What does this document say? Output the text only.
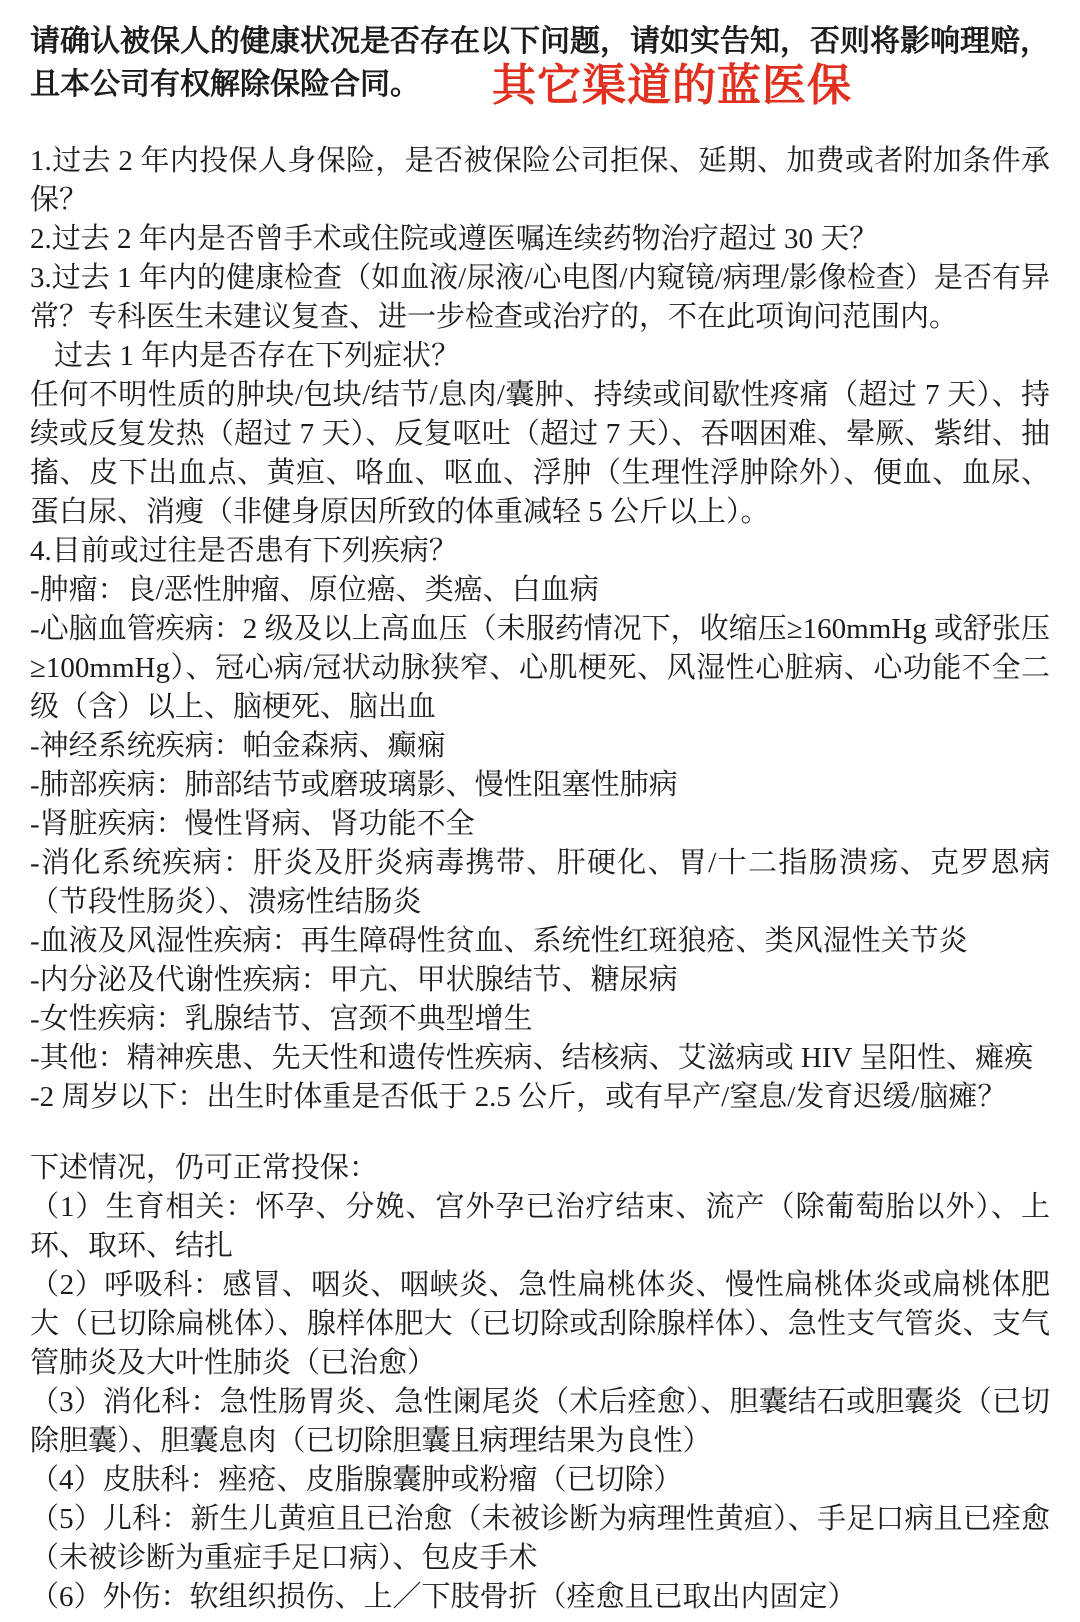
请确认被保人的健康状况是否存在以下问题，请如实告知，否则将影响理赔，且本公司有权解除保险合同。 其它渠道的蓝医保

1.过去 2 年内投保人身保险，是否被保险公司拒保、延期、加费或者附加条件承保？

2.过去 2 年内是否曾手术或住院或遵医嘱连续药物治疗超过 30 天？

3.过去 1 年内的健康检查（如血液/尿液/心电图/内窥镜/病理/影像检查）是否有异常？专科医生未建议复查、进一步检查或治疗的，不在此项询问范围内。

过去 1 年内是否存在下列症状？

任何不明性质的肿块/包块/结节/息肉/囊肿、持续或间歇性疼痛（超过 7 天）、持续或反复发热（超过 7 天）、反复呕吐（超过 7 天）、吞咽困难、晕厥、紫绀、抽搐、皮下出血点、黄疸、咯血、呕血、浮肿（生理性浮肿除外）、便血、血尿、蛋白尿、消瘦（非健身原因所致的体重减轻 5 公斤以上）。

4.目前或过往是否患有下列疾病？

-肿瘤：良/恶性肿瘤、原位癌、类癌、白血病

-心脑血管疾病：2 级及以上高血压（未服药情况下，收缩压≥160mmHg 或舒张压≥100mmHg）、冠心病/冠状动脉狭窄、心肌梗死、风湿性心脏病、心功能不全二级（含）以上、脑梗死、脑出血

-神经系统疾病：帕金森病、癫痫

-肺部疾病：肺部结节或磨玻璃影、慢性阻塞性肺病

-肾脏疾病：慢性肾病、肾功能不全

-消化系统疾病：肝炎及肝炎病毒携带、肝硬化、胃/十二指肠溃疡、克罗恩病（节段性肠炎）、溃疡性结肠炎

-血液及风湿性疾病：再生障碍性贫血、系统性红斑狼疮、类风湿性关节炎

-内分泌及代谢性疾病：甲亢、甲状腺结节、糖尿病

-女性疾病：乳腺结节、宫颈不典型增生

-其他：精神疾患、先天性和遗传性疾病、结核病、艾滋病或 HIV 呈阳性、瘫痪

-2 周岁以下：出生时体重是否低于 2.5 公斤，或有早产/窒息/发育迟缓/脑瘫？

下述情况，仍可正常投保：

（1）生育相关：怀孕、分娩、宫外孕已治疗结束、流产（除葡萄胎以外）、上环、取环、结扎

（2）呼吸科：感冒、咽炎、咽峡炎、急性扁桃体炎、慢性扁桃体炎或扁桃体肥大（已切除扁桃体）、腺样体肥大（已切除或刮除腺样体）、急性支气管炎、支气管肺炎及大叶性肺炎（已治愈）

（3）消化科：急性肠胃炎、急性阑尾炎（术后痊愈）、胆囊结石或胆囊炎（已切除胆囊）、胆囊息肉（已切除胆囊且病理结果为良性）

（4）皮肤科：痤疮、皮脂腺囊肿或粉瘤（已切除）

（5）儿科：新生儿黄疸且已治愈（未被诊断为病理性黄疸）、手足口病且已痊愈（未被诊断为重症手足口病）、包皮手术

（6）外伤：软组织损伤、上／下肢骨折（痊愈且已取出内固定）
